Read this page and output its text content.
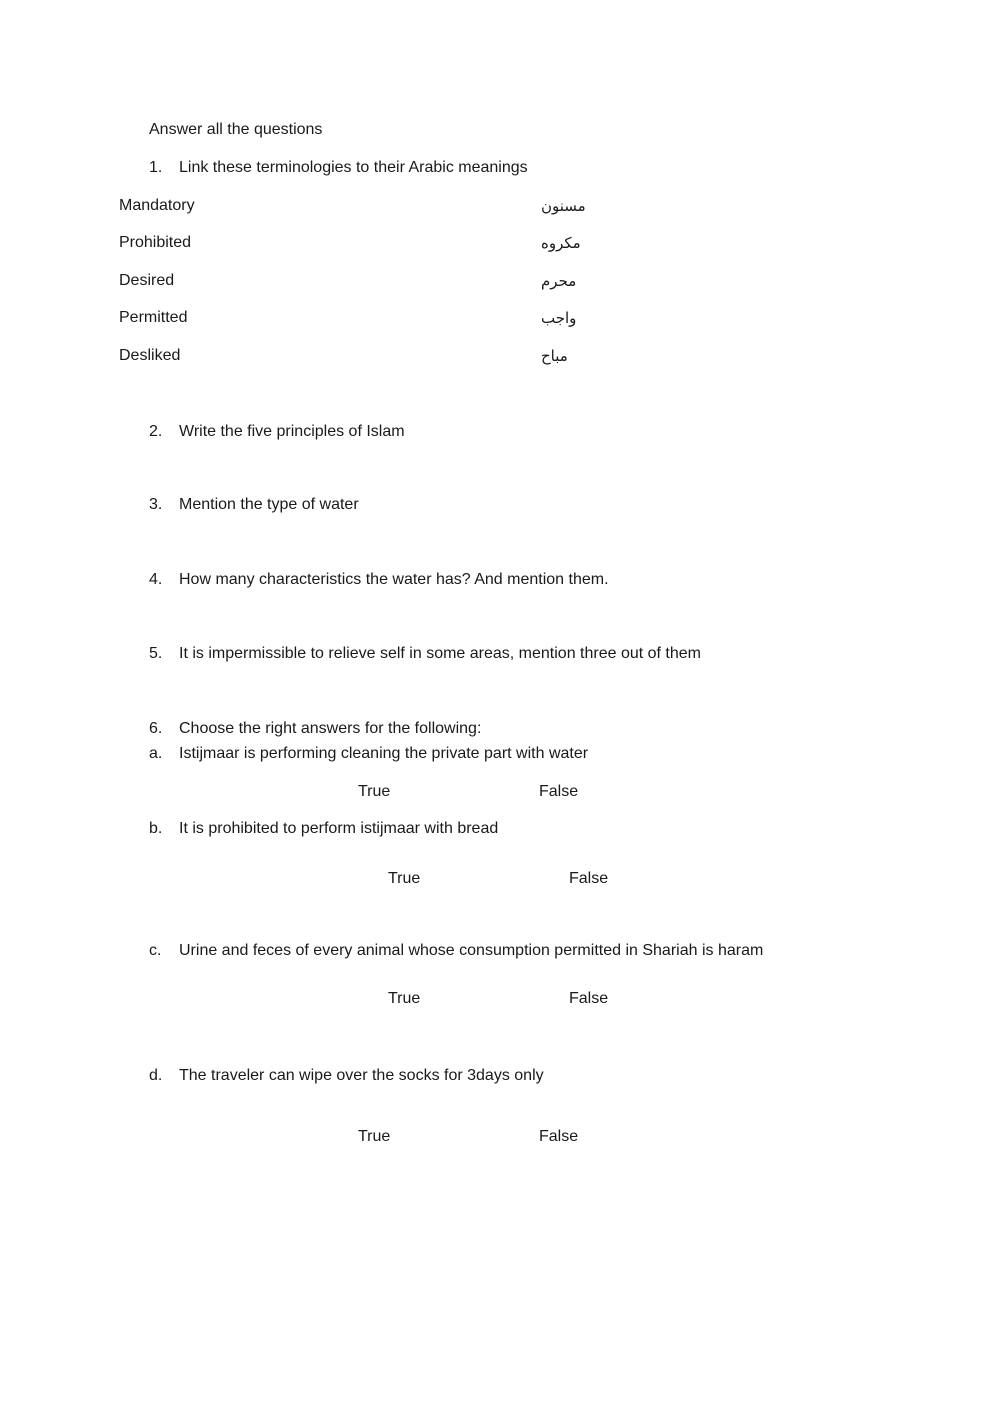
Answer all the questions
1. Link these terminologies to their Arabic meanings
Mandatory	مسنون
Prohibited	مكروه
Desired	محرم
Permitted	واجب
Desliked	مباح
2. Write the five principles of Islam
3. Mention the type of water
4. How many characteristics the water has? And mention them.
5. It is impermissible to relieve self in some areas, mention three out of them
6. Choose the right answers for the following:
a. Istijmaar is performing cleaning the private part with water
True	False
b. It is prohibited to perform istijmaar with bread
True	False
c. Urine and feces of every animal whose consumption permitted in Shariah is haram
True	False
d. The traveler can wipe over the socks for 3days only
True	False
